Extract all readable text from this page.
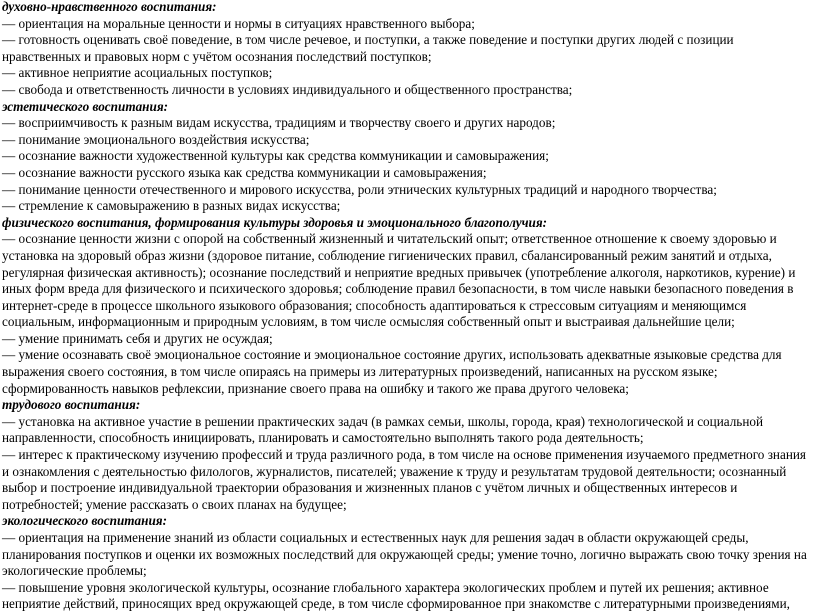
духовно-нравственного воспитания:

— ориентация на моральные ценности и нормы в ситуациях нравственного выбора;

— готовность оценивать своё поведение, в том числе речевое, и поступки, а также поведение и поступки других людей с позиции нравственных и правовых норм с учётом осознания последствий поступков;

— активное неприятие асоциальных поступков;

— свобода и ответственность личности в условиях индивидуального и общественного пространства;

эстетического воспитания:

— восприимчивость к разным видам искусства, традициям и творчеству своего и других народов;

— понимание эмоционального воздействия искусства;

— осознание важности художественной культуры как средства коммуникации и самовыражения;

— осознание важности русского языка как средства коммуникации и самовыражения;

— понимание ценности отечественного и мирового искусства, роли этнических культурных традиций и народного творчества;

— стремление к самовыражению в разных видах искусства;

физического воспитания, формирования культуры здоровья и эмоционального благополучия:

— осознание ценности жизни с опорой на собственный жизненный и читательский опыт; ответственное отношение к своему здоровью и установка на здоровый образ жизни (здоровое питание, соблюдение гигиенических правил, сбалансированный режим занятий и отдыха, регулярная физическая активность); осознание последствий и неприятие вредных привычек (употребление алкоголя, наркотиков, курение) и иных форм вреда для физического и психического здоровья; соблюдение правил безопасности, в том числе навыки безопасного поведения в интернет-среде в процессе школьного языкового образования; способность адаптироваться к стрессовым ситуациям и меняющимся социальным, информационным и природным условиям, в том числе осмысляя собственный опыт и выстраивая дальнейшие цели;

— умение принимать себя и других не осуждая;

— умение осознавать своё эмоциональное состояние и эмоциональное состояние других, использовать адекватные языковые средства для выражения своего состояния, в том числе опираясь на примеры из литературных произведений, написанных на русском языке; сформированность навыков рефлексии, признание своего права на ошибку и такого же права другого человека;

трудового воспитания:

— установка на активное участие в решении практических задач (в рамках семьи, школы, города, края) технологической и социальной направленности, способность инициировать, планировать и самостоятельно выполнять такого рода деятельность;

— интерес к практическому изучению профессий и труда различного рода, в том числе на основе применения изучаемого предметного знания и ознакомления с деятельностью филологов, журналистов, писателей; уважение к труду и результатам трудовой деятельности; осознанный выбор и построение индивидуальной траектории образования и жизненных планов с учётом личных и общественных интересов и потребностей; умение рассказать о своих планах на будущее;

экологического воспитания:

— ориентация на применение знаний из области социальных и естественных наук для решения задач в области окружающей среды, планирования поступков и оценки их возможных последствий для окружающей среды; умение точно, логично выражать свою точку зрения на экологические проблемы;

— повышение уровня экологической культуры, осознание глобального характера экологических проблем и путей их решения; активное неприятие действий, приносящих вред окружающей среде, в том числе сформированное при знакомстве с литературными произведениями,
